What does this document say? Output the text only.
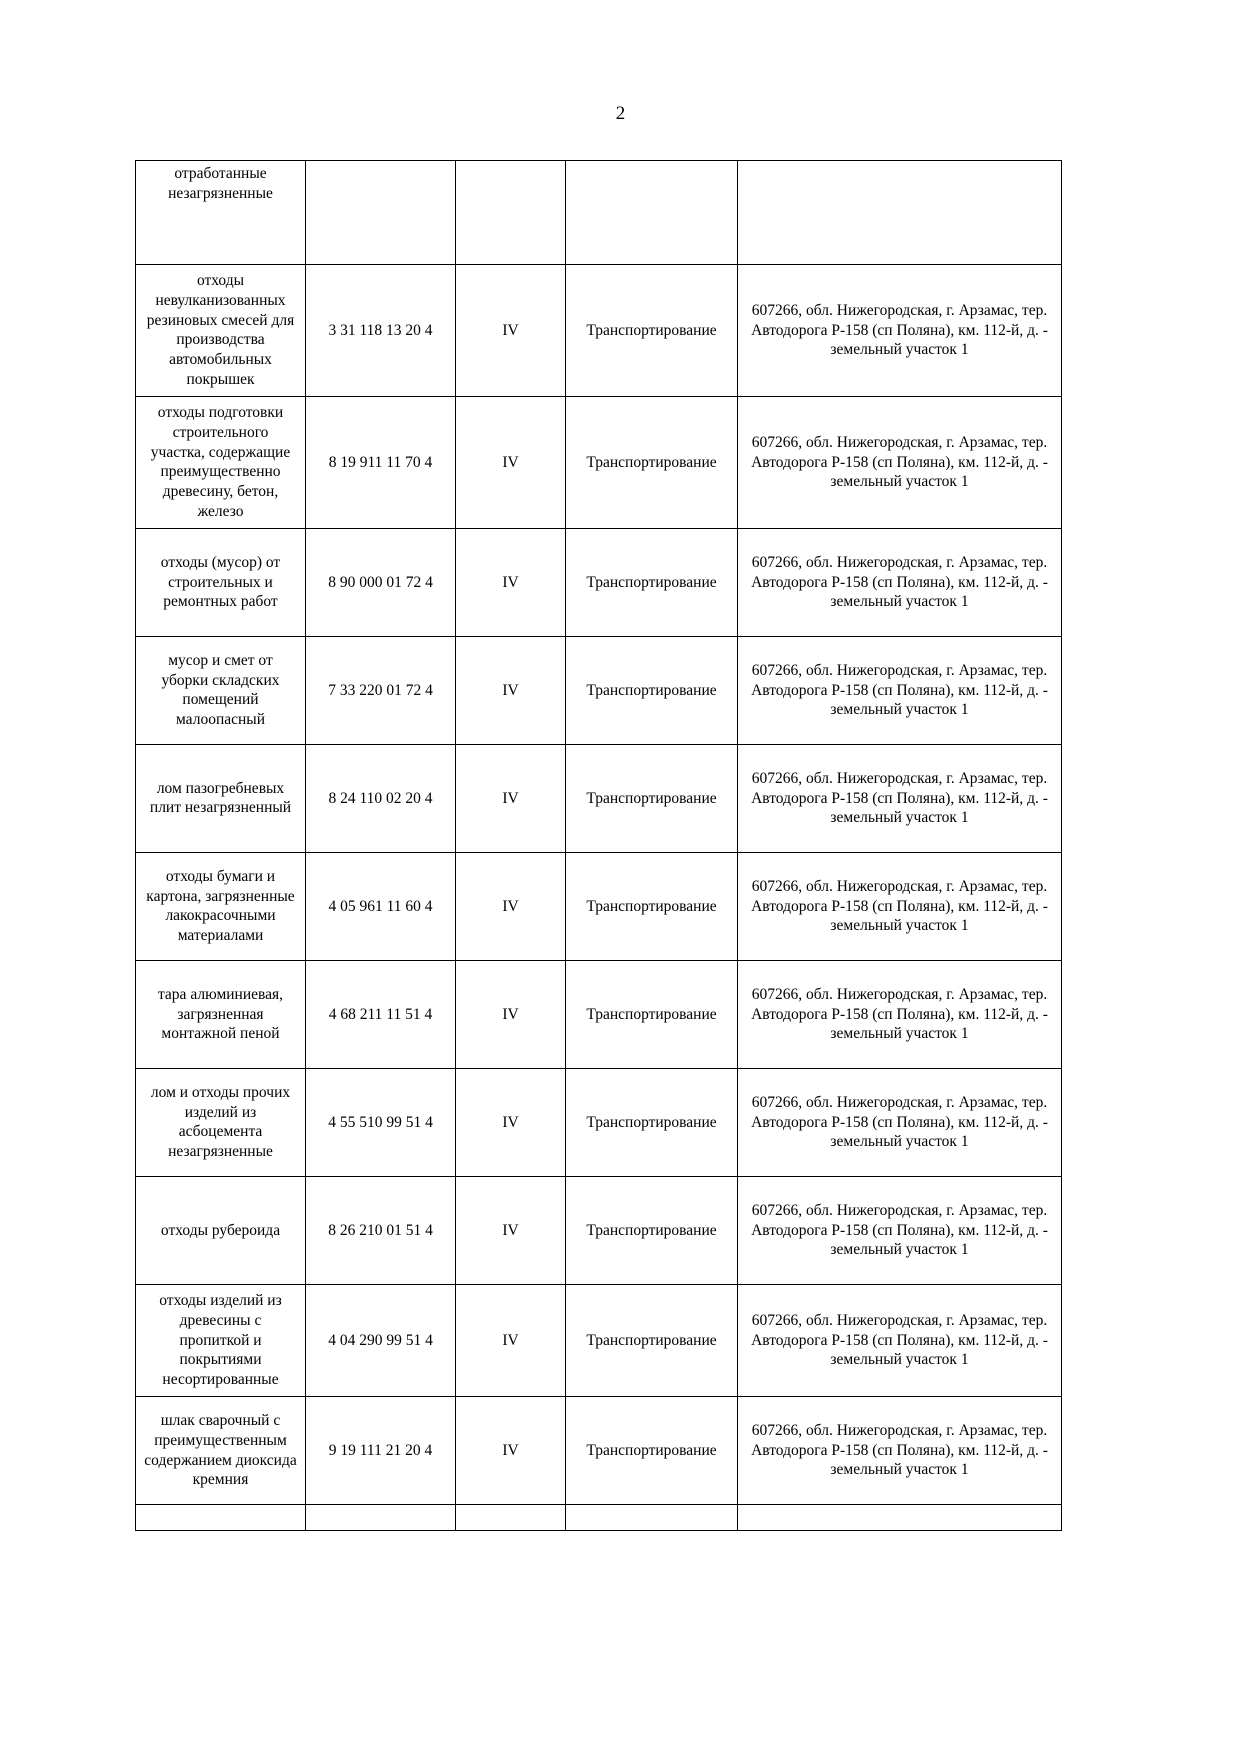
2
отработанные незагрязненные				
отходы невулканизованных резиновых смесей для производства автомобильных покрышек	3 31 118 13 20 4	IV	Транспортирование	607266, обл. Нижегородская, г. Арзамас, тер. Автодорога Р-158 (сп Поляна), км. 112-й, д. - земельный участок 1
отходы подготовки строительного участка, содержащие преимущественно древесину, бетон, железо	8 19 911 11 70 4	IV	Транспортирование	607266, обл. Нижегородская, г. Арзамас, тер. Автодорога Р-158 (сп Поляна), км. 112-й, д. - земельный участок 1
отходы (мусор) от строительных и ремонтных работ	8 90 000 01 72 4	IV	Транспортирование	607266, обл. Нижегородская, г. Арзамас, тер. Автодорога Р-158 (сп Поляна), км. 112-й, д. - земельный участок 1
мусор и смет от уборки складских помещений малоопасный	7 33 220 01 72 4	IV	Транспортирование	607266, обл. Нижегородская, г. Арзамас, тер. Автодорога Р-158 (сп Поляна), км. 112-й, д. - земельный участок 1
лом пазогребневых плит незагрязненный	8 24 110 02 20 4	IV	Транспортирование	607266, обл. Нижегородская, г. Арзамас, тер. Автодорога Р-158 (сп Поляна), км. 112-й, д. - земельный участок 1
отходы бумаги и картона, загрязненные лакокрасочными материалами	4 05 961 11 60 4	IV	Транспортирование	607266, обл. Нижегородская, г. Арзамас, тер. Автодорога Р-158 (сп Поляна), км. 112-й, д. - земельный участок 1
тара алюминиевая, загрязненная монтажной пеной	4 68 211 11 51 4	IV	Транспортирование	607266, обл. Нижегородская, г. Арзамас, тер. Автодорога Р-158 (сп Поляна), км. 112-й, д. - земельный участок 1
лом и отходы прочих изделий из асбоцемента незагрязненные	4 55 510 99 51 4	IV	Транспортирование	607266, обл. Нижегородская, г. Арзамас, тер. Автодорога Р-158 (сп Поляна), км. 112-й, д. - земельный участок 1
отходы рубероида	8 26 210 01 51 4	IV	Транспортирование	607266, обл. Нижегородская, г. Арзамас, тер. Автодорога Р-158 (сп Поляна), км. 112-й, д. - земельный участок 1
отходы изделий из древесины с пропиткой и покрытиями несортированные	4 04 290 99 51 4	IV	Транспортирование	607266, обл. Нижегородская, г. Арзамас, тер. Автодорога Р-158 (сп Поляна), км. 112-й, д. - земельный участок 1
шлак сварочный с преимущественным содержанием диоксида кремния	9 19 111 21 20 4	IV	Транспортирование	607266, обл. Нижегородская, г. Арзамас, тер. Автодорога Р-158 (сп Поляна), км. 112-й, д. - земельный участок 1
